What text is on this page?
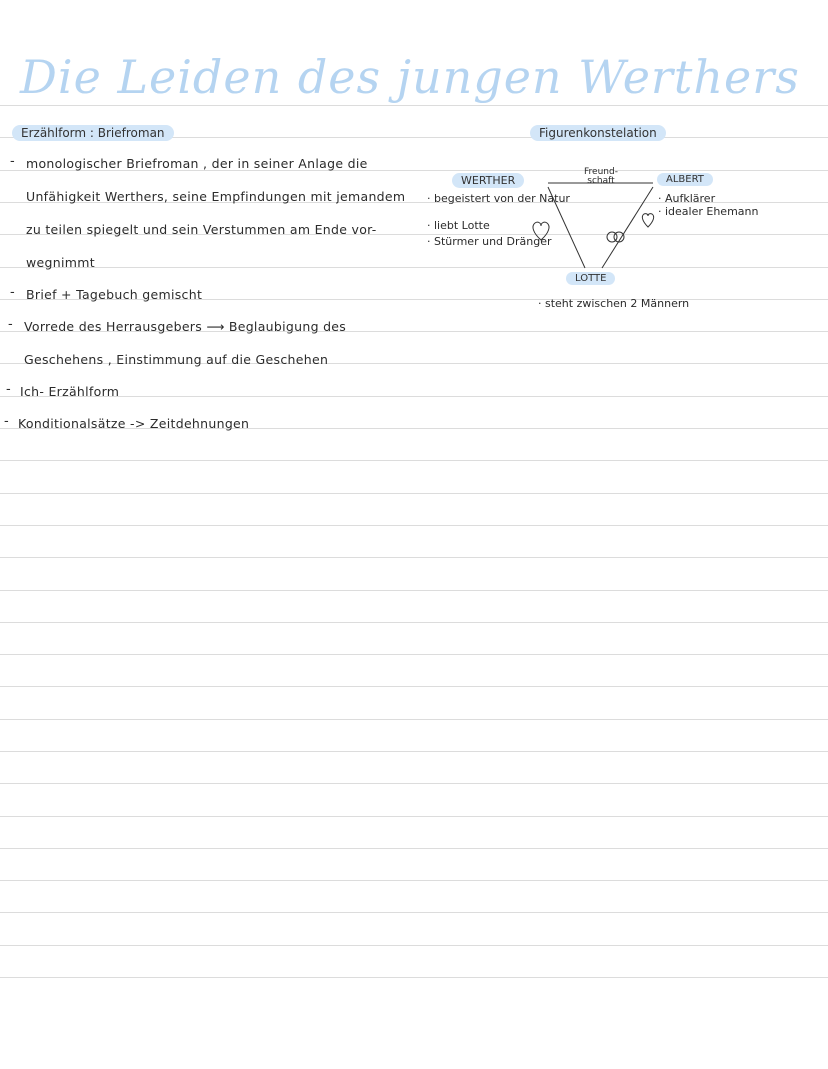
Die Leiden des jungen Werthers
Erzählform : Briefroman
- monologischer Briefroman , der in seiner Anlage die
Unfähigkeit Werthers, seine Empfindungen mit jemandem
zu teilen spiegelt und sein Verstummen am Ende vor-
wegnimmt
- Brief + Tagebuch gemischt
- Vorrede des Herrausgebers ⟶ Beglaubigung des
Geschehens , Einstimmung auf die Geschehen
- Ich- Erzählform
- Konditionalsätze -> Zeitdehnungen
Figurenkonstelation
WERTHER
· begeistert von der Natur
· liebt Lotte
· Stürmer und Dränger
ALBERT
· Aufklärer
· idealer Ehemann
LOTTE
· steht zwischen 2 Männern
Freund-
schaft
